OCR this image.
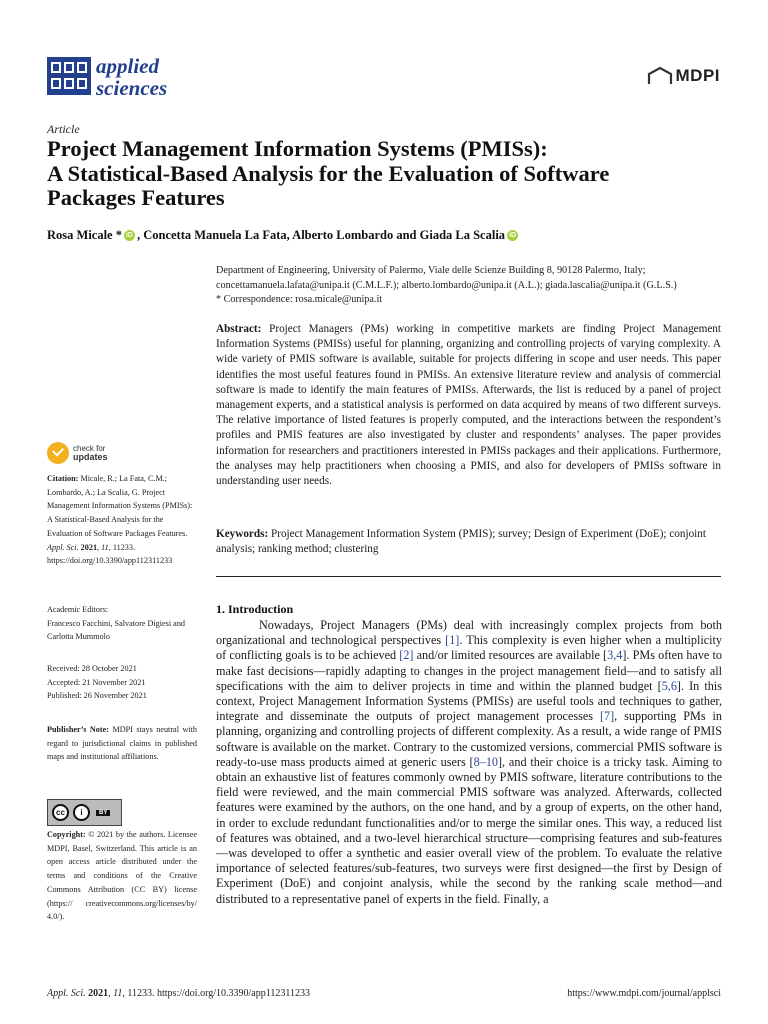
applied
sciences
MDPI
Article
Project Management Information Systems (PMISs):
A Statistical-Based Analysis for the Evaluation of Software
Packages Features
Rosa Micale * iD , Concetta Manuela La Fata, Alberto Lombardo and Giada La Scalia iD
Department of Engineering, University of Palermo, Viale delle Scienze Building 8, 90128 Palermo, Italy;
concettamanuela.lafata@unipa.it (C.M.L.F.); alberto.lombardo@unipa.it (A.L.); giada.lascalia@unipa.it (G.L.S.)
* Correspondence: rosa.micale@unipa.it

Abstract: Project Managers (PMs) working in competitive markets are finding Project Management Information Systems (PMISs) useful for planning, organizing and controlling projects of varying complexity. A wide variety of PMIS software is available, suitable for projects differing in scope and user needs. This paper identifies the most useful features found in PMISs. An extensive literature review and analysis of commercial software is made to identify the main features of PMISs. Afterwards, the list is reduced by a panel of project management experts, and a statistical analysis is performed on data acquired by means of two different surveys. The relative importance of listed features is properly computed, and the interactions between the respondent’s profiles and PMIS features are also investigated by cluster and respondents’ analyses. The paper provides information for researchers and practitioners interested in PMISs packages and their applications. Furthermore, the analyses may help practitioners when choosing a PMIS, and also for developers of PMISs software in understanding user needs.

Keywords: Project Management Information System (PMIS); survey; Design of Experiment (DoE); conjoint analysis; ranking method; clustering

1. Introduction

Nowadays, Project Managers (PMs) deal with increasingly complex projects from both organizational and technological perspectives [1]. This complexity is even higher when a multiplicity of conflicting goals is to be achieved [2] and/or limited resources are available [3,4]. PMs often have to make fast decisions—rapidly adapting to changes in the project management field—and to satisfy all specifications with the aim to deliver projects in time and within the planned budget [5,6]. In this context, Project Management Information Systems (PMISs) are useful tools and techniques to gather, integrate and disseminate the outputs of project management processes [7], supporting PMs in planning, organizing and controlling projects of different complexity. As a result, a wide range of PMIS software is available on the market. Contrary to the customized versions, commercial PMIS software is ready-to-use mass products aimed at generic users [8–10], and their choice is a tricky task. Aiming to obtain an exhaustive list of features commonly owned by PMIS software, literature contributions to the field were reviewed, and the main commercial PMIS software was analyzed. Afterwards, collected features were examined by the authors, on the one hand, and by a group of experts, on the other hand, in order to exclude redundant functionalities and/or to merge the similar ones. This way, a reduced list of features was obtained, and a two-level hierarchical structure—comprising features and sub-features—was developed to offer a synthetic and easier overall view of the problem. To evaluate the relative importance of selected features/sub-features, two surveys were first designed—the first by Design of Experiment (DoE) and conjoint analysis, while the second by the ranking scale method—and distributed to a representative panel of experts in the field. Finally, a

check for
updates

Citation: Micale, R.; La Fata, C.M.; Lombardo, A.; La Scalia, G. Project Management Information Systems (PMISs): A Statistical-Based Analysis for the Evaluation of Software Packages Features. Appl. Sci. 2021, 11, 11233. https://doi.org/10.3390/app112311233

Academic Editors:
Francesco Facchini, Salvatore Digiesi and Carlotta Mummolo
Received: 28 October 2021
Accepted: 21 November 2021
Published: 26 November 2021

Publisher’s Note: MDPI stays neutral with regard to jurisdictional claims in published maps and institutional affiliations.

cc	i	BY

Copyright: © 2021 by the authors. Licensee MDPI, Basel, Switzerland. This article is an open access article distributed under the terms and conditions of the Creative Commons Attribution (CC BY) license (https:// creativecommons.org/licenses/by/ 4.0/).

Appl. Sci. 2021, 11, 11233. https://doi.org/10.3390/app112311233	https://www.mdpi.com/journal/applsci
